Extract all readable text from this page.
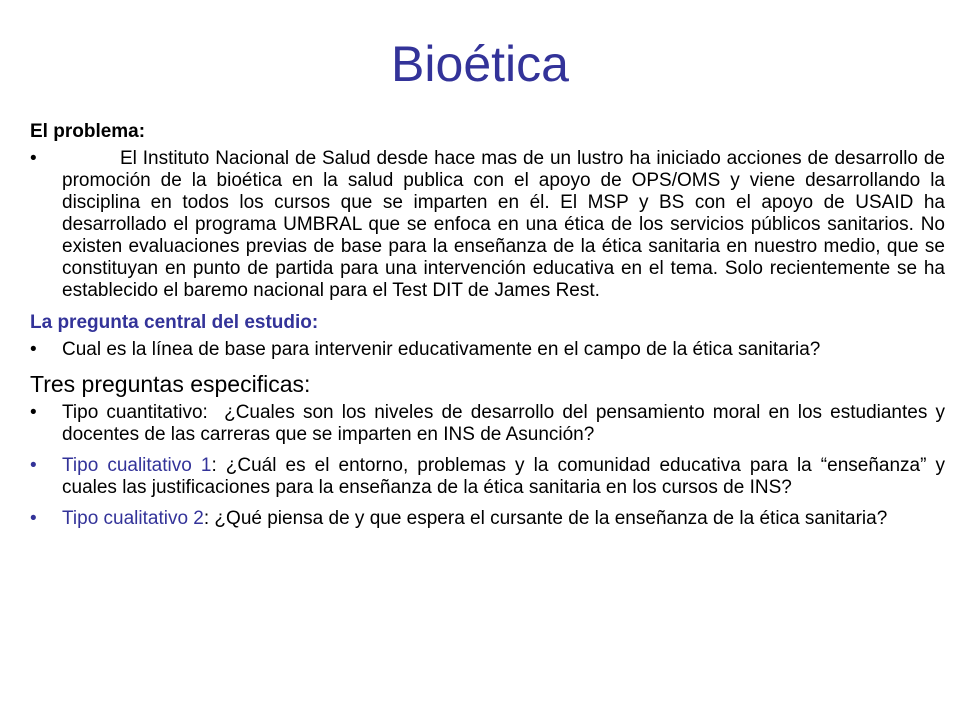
Bioética
El problema:
•	El Instituto Nacional de Salud desde hace mas de un lustro ha iniciado acciones de desarrollo de promoción de la bioética en la salud publica con el apoyo de OPS/OMS y viene desarrollando la disciplina en todos los cursos que se imparten en él. El MSP y BS con el apoyo de USAID ha desarrollado el programa UMBRAL que se enfoca en una ética de los servicios públicos sanitarios. No existen evaluaciones previas de base para la enseñanza de la ética sanitaria en nuestro medio, que se constituyan en punto de partida para una intervención educativa en el tema. Solo recientemente se ha establecido el baremo nacional para el Test DIT de James Rest.
La pregunta central del estudio:
• Cual es la línea de base para intervenir educativamente en el campo de la ética sanitaria?
Tres preguntas especificas:
• Tipo cuantitativo:  ¿Cuales son los niveles de desarrollo del pensamiento moral en los estudiantes y docentes de las carreras que se imparten en INS de Asunción?
• Tipo cualitativo 1: ¿Cuál es el entorno, problemas y la comunidad educativa para la “enseñanza” y cuales las justificaciones para la enseñanza de la ética sanitaria en los cursos de INS?
• Tipo cualitativo 2: ¿Qué piensa de y que espera el cursante de la enseñanza de la ética sanitaria?
